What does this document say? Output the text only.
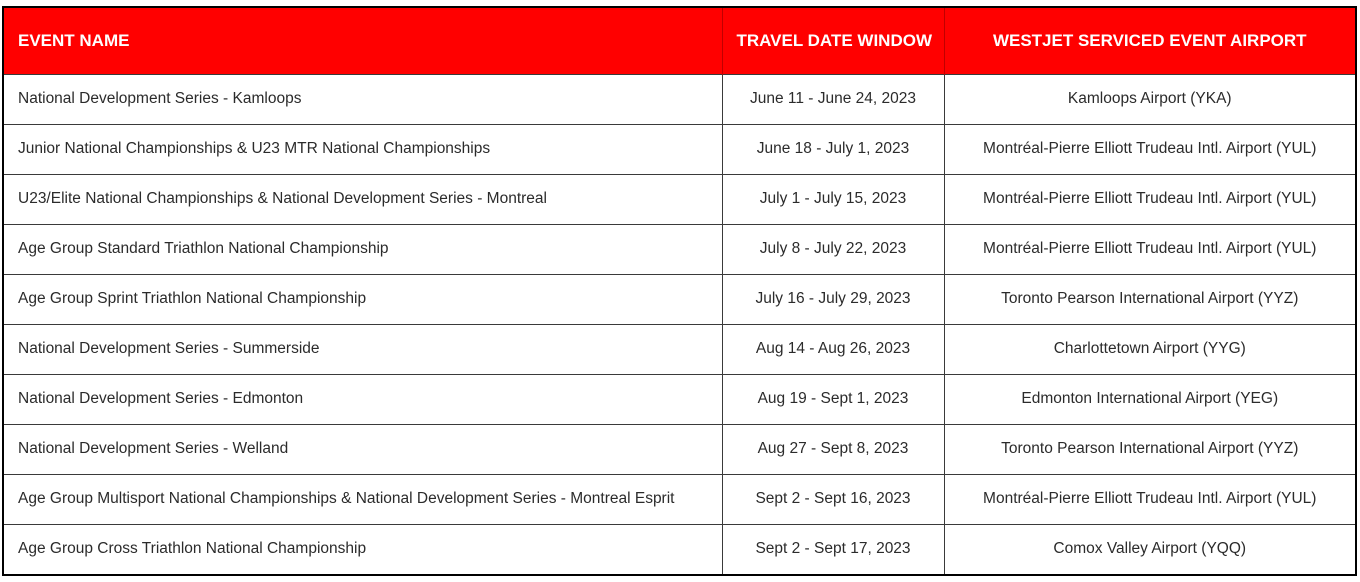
EVENT NAME	TRAVEL DATE WINDOW	WESTJET SERVICED EVENT AIRPORT
National Development Series - Kamloops	June 11 - June 24, 2023	Kamloops Airport (YKA)
Junior National Championships & U23 MTR National Championships	June 18 - July 1, 2023	Montréal-Pierre Elliott Trudeau Intl. Airport (YUL)
U23/Elite National Championships & National Development Series - Montreal	July 1 - July 15, 2023	Montréal-Pierre Elliott Trudeau Intl. Airport (YUL)
Age Group Standard Triathlon National Championship	July 8 - July 22, 2023	Montréal-Pierre Elliott Trudeau Intl. Airport (YUL)
Age Group Sprint Triathlon National Championship	July 16 - July 29, 2023	Toronto Pearson International Airport (YYZ)
National Development Series - Summerside	Aug 14 - Aug 26, 2023	Charlottetown Airport (YYG)
National Development Series - Edmonton	Aug 19 - Sept 1, 2023	Edmonton International Airport (YEG)
National Development Series - Welland	Aug 27 - Sept 8, 2023	Toronto Pearson International Airport (YYZ)
Age Group Multisport National Championships & National Development Series - Montreal Esprit	Sept 2 - Sept 16, 2023	Montréal-Pierre Elliott Trudeau Intl. Airport (YUL)
Age Group Cross Triathlon National Championship	Sept 2 - Sept 17, 2023	Comox Valley Airport (YQQ)
